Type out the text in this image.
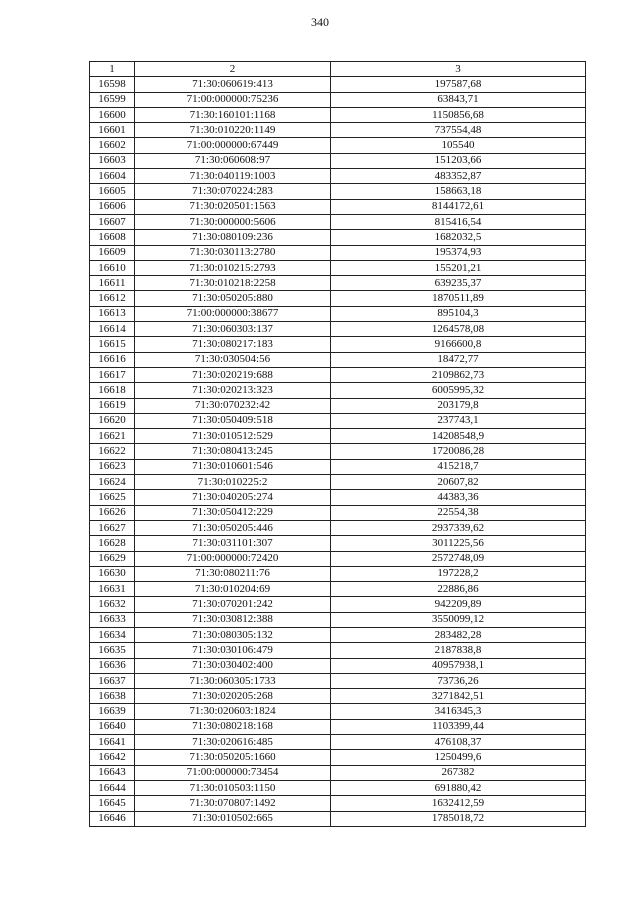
340
1	2	3
16598	71:30:060619:413	197587,68
16599	71:00:000000:75236	63843,71
16600	71:30:160101:1168	1150856,68
16601	71:30:010220:1149	737554,48
16602	71:00:000000:67449	105540
16603	71:30:060608:97	151203,66
16604	71:30:040119:1003	483352,87
16605	71:30:070224:283	158663,18
16606	71:30:020501:1563	8144172,61
16607	71:30:000000:5606	815416,54
16608	71:30:080109:236	1682032,5
16609	71:30:030113:2780	195374,93
16610	71:30:010215:2793	155201,21
16611	71:30:010218:2258	639235,37
16612	71:30:050205:880	1870511,89
16613	71:00:000000:38677	895104,3
16614	71:30:060303:137	1264578,08
16615	71:30:080217:183	9166600,8
16616	71:30:030504:56	18472,77
16617	71:30:020219:688	2109862,73
16618	71:30:020213:323	6005995,32
16619	71:30:070232:42	203179,8
16620	71:30:050409:518	237743,1
16621	71:30:010512:529	14208548,9
16622	71:30:080413:245	1720086,28
16623	71:30:010601:546	415218,7
16624	71:30:010225:2	20607,82
16625	71:30:040205:274	44383,36
16626	71:30:050412:229	22554,38
16627	71:30:050205:446	2937339,62
16628	71:30:031101:307	3011225,56
16629	71:00:000000:72420	2572748,09
16630	71:30:080211:76	197228,2
16631	71:30:010204:69	22886,86
16632	71:30:070201:242	942209,89
16633	71:30:030812:388	3550099,12
16634	71:30:080305:132	283482,28
16635	71:30:030106:479	2187838,8
16636	71:30:030402:400	40957938,1
16637	71:30:060305:1733	73736,26
16638	71:30:020205:268	3271842,51
16639	71:30:020603:1824	3416345,3
16640	71:30:080218:168	1103399,44
16641	71:30:020616:485	476108,37
16642	71:30:050205:1660	1250499,6
16643	71:00:000000:73454	267382
16644	71:30:010503:1150	691880,42
16645	71:30:070807:1492	1632412,59
16646	71:30:010502:665	1785018,72
